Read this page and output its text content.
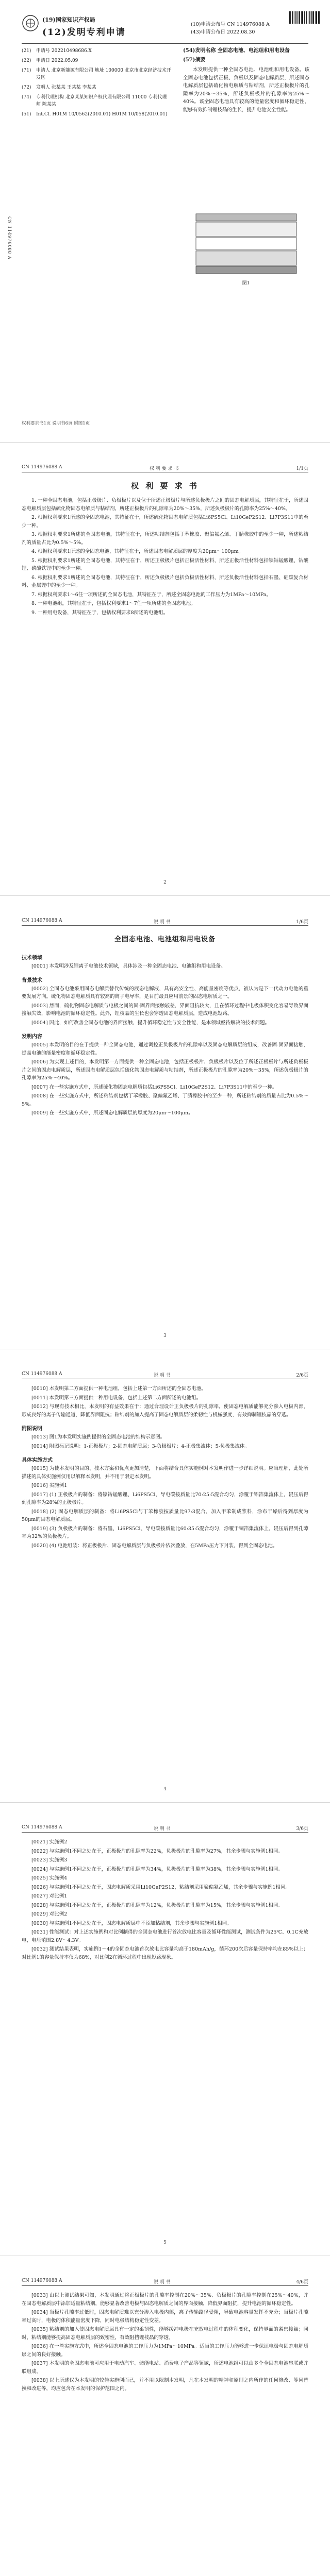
(19)国家知识产权局
(12)发明专利申请
(10)申请公布号 CN 114976088 A
(43)申请公布日 2022.08.30
(21)	申请号 202210498686.X
(22)	申请日 2022.05.09
(71)	申请人 北京新能源有限公司 地址 100000 北京市北京经济技术开发区
(72)	发明人 张某某 王某某 李某某
(74)	专利代理机构 北京某某知识产权代理有限公司 11000 专利代理师 陈某某
(51)	Int.Cl. H01M 10/0562(2010.01) H01M 10/058(2010.01)
(54)发明名称 全固态电池、电池组和用电设备
(57)摘要
本发明提供一种全固态电池、电池组和用电设备。该全固态电池包括正极、负极以及固态电解质层，所述固态电解质层包括硫化物电解质与粘结剂，所述正极极片的孔隙率为20%～35%，所述负极极片的孔隙率为25%～40%。该全固态电池具有较高的能量密度和循环稳定性，能够有效抑制锂枝晶的生长，提升电池安全性能。
图1
CN 114976088 A
权利要求书1页 说明书6页 附图1页
CN 114976088 A	权 利 要 求 书	1/1页
权 利 要 求 书

1. 一种全固态电池，包括正极极片、负极极片以及位于所述正极极片与所述负极极片之间的固态电解质层，其特征在于，所述固态电解质层包括硫化物固态电解质与粘结剂，所述正极极片的孔隙率为20%～35%，所述负极极片的孔隙率为25%～40%。

2. 根据权利要求1所述的全固态电池，其特征在于，所述硫化物固态电解质包括Li6PS5Cl、Li10GeP2S12、Li7P3S11中的至少一种。

3. 根据权利要求1所述的全固态电池，其特征在于，所述粘结剂包括丁苯橡胶、聚偏氟乙烯、丁腈橡胶中的至少一种，所述粘结剂的质量占比为0.5%～5%。

4. 根据权利要求1所述的全固态电池，其特征在于，所述固态电解质层的厚度为20μm～100μm。

5. 根据权利要求1所述的全固态电池，其特征在于，所述正极极片包括正极活性材料，所述正极活性材料包括镍钴锰酸锂、钴酸锂、磷酸铁锂中的至少一种。

6. 根据权利要求1所述的全固态电池，其特征在于，所述负极极片包括负极活性材料，所述负极活性材料包括石墨、硅碳复合材料、金属锂中的至少一种。

7. 根据权利要求1～6任一项所述的全固态电池，其特征在于，所述全固态电池的工作压力为1MPa～10MPa。

8. 一种电池组，其特征在于，包括权利要求1～7任一项所述的全固态电池。

9. 一种用电设备，其特征在于，包括权利要求8所述的电池组。

2
CN 114976088 A	说 明 书	1/6页
全固态电池、电池组和用电设备
技术领域

[0001] 本发明涉及锂离子电池技术领域，具体涉及一种全固态电池、电池组和用电设备。

背景技术

[0002] 全固态电池采用固态电解质替代传统的液态电解液，具有高安全性、高能量密度等优点，被认为是下一代动力电池的重要发展方向。硫化物固态电解质具有较高的离子电导率，是目前最具应用前景的固态电解质之一。

[0003] 然而，硫化物固态电解质与电极之间的固-固界面接触较差，界面阻抗较大，且在循环过程中电极体积变化容易导致界面接触失效，影响电池的循环稳定性。此外，锂枝晶的生长也会穿透固态电解质层，造成电池短路。

[0004] 因此，如何改善全固态电池的界面接触、提升循环稳定性与安全性能，是本领域亟待解决的技术问题。

发明内容

[0005] 本发明的目的在于提供一种全固态电池，通过调控正负极极片的孔隙率以及固态电解质层的组成，改善固-固界面接触，提高电池的能量密度和循环稳定性。

[0006] 为实现上述目的，本发明第一方面提供一种全固态电池，包括正极极片、负极极片以及位于所述正极极片与所述负极极片之间的固态电解质层，所述固态电解质层包括硫化物固态电解质与粘结剂，所述正极极片的孔隙率为20%～35%，所述负极极片的孔隙率为25%～40%。

[0007] 在一些实施方式中，所述硫化物固态电解质包括Li6PS5Cl、Li10GeP2S12、Li7P3S11中的至少一种。

[0008] 在一些实施方式中，所述粘结剂包括丁苯橡胶、聚偏氟乙烯、丁腈橡胶中的至少一种，所述粘结剂的质量占比为0.5%～5%。

[0009] 在一些实施方式中，所述固态电解质层的厚度为20μm～100μm。

3
CN 114976088 A	说 明 书	2/6页

[0010] 本发明第二方面提供一种电池组，包括上述第一方面所述的全固态电池。

[0011] 本发明第三方面提供一种用电设备，包括上述第二方面所述的电池组。

[0012] 与现有技术相比，本发明的有益效果在于：通过合理设计正负极极片的孔隙率，使固态电解质能够充分渗入电极内部，形成良好的离子传输通道，降低界面阻抗；粘结剂的加入提高了固态电解质层的柔韧性与机械强度，有效抑制锂枝晶的穿透。

附图说明

[0013] 图1为本发明实施例提供的全固态电池的结构示意图。

[0014] 附图标记说明：1-正极极片；2-固态电解质层；3-负极极片；4-正极集流体；5-负极集流体。

具体实施方式

[0015] 为使本发明的目的、技术方案和优点更加清楚，下面将结合具体实施例对本发明作进一步详细说明。应当理解，此处所描述的具体实施例仅用以解释本发明，并不用于限定本发明。

[0016] 实施例1

[0017] (1) 正极极片的制备：将镍钴锰酸锂、Li6PS5Cl、导电碳按质量比70:25:5混合均匀，涂覆于铝箔集流体上，辊压后得到孔隙率为28%的正极极片。

[0018] (2) 固态电解质层的制备：将Li6PS5Cl与丁苯橡胶按质量比97:3混合，加入甲苯制成浆料，涂布干燥后得到厚度为50μm的固态电解质层。

[0019] (3) 负极极片的制备：将石墨、Li6PS5Cl、导电碳按质量比60:35:5混合均匀，涂覆于铜箔集流体上，辊压后得到孔隙率为32%的负极极片。

[0020] (4) 电池组装：将正极极片、固态电解质层与负极极片依次叠放，在5MPa压力下封装，得到全固态电池。

4
CN 114976088 A	说 明 书	3/6页

[0021] 实施例2

[0022] 与实施例1不同之处在于，正极极片的孔隙率为22%，负极极片的孔隙率为27%，其余步骤与实施例1相同。

[0023] 实施例3

[0024] 与实施例1不同之处在于，正极极片的孔隙率为34%，负极极片的孔隙率为38%，其余步骤与实施例1相同。

[0025] 实施例4

[0026] 与实施例1不同之处在于，固态电解质采用Li10GeP2S12，粘结剂采用聚偏氟乙烯，其余步骤与实施例1相同。

[0027] 对比例1

[0028] 与实施例1不同之处在于，正极极片的孔隙率为12%，负极极片的孔隙率为15%，其余步骤与实施例1相同。

[0029] 对比例2

[0030] 与实施例1不同之处在于，固态电解质层中不添加粘结剂，其余步骤与实施例1相同。

[0031] 性能测试：对上述实施例和对比例制得的全固态电池进行首次放电比容量及循环性能测试，测试条件为25℃、0.1C充放电，电压范围2.8V～4.3V。

[0032] 测试结果表明，实施例1～4的全固态电池首次放电比容量均高于180mAh/g，循环200次后容量保持率均在85%以上；对比例1的容量保持率仅为68%，对比例2在循环过程中出现短路现象。

5
CN 114976088 A	说 明 书	4/6页

[0033] 由以上测试结果可知，本发明通过将正极极片的孔隙率控制在20%～35%、负极极片的孔隙率控制在25%～40%，并在固态电解质层中添加适量粘结剂，能够显著改善电极与固态电解质之间的界面接触，降低界面阻抗，提升电池的循环稳定性。

[0034] 当极片孔隙率过低时，固态电解质难以充分渗入电极内部，离子传输路径受阻，导致电池容量发挥不充分；当极片孔隙率过高时，电极的体积能量密度下降，同时电极结构稳定性变差。

[0035] 粘结剂的加入使固态电解质层具有一定的柔韧性，能够缓冲电极在充放电过程中的体积变化，保持界面的紧密接触；同时，粘结剂能够提高固态电解质层的致密性，有效阻挡锂枝晶的穿透。

[0036] 在一些实施方式中，所述全固态电池的工作压力为1MPa～10MPa。适当的工作压力能够进一步保证电极与固态电解质层之间的良好接触。

[0037] 本发明的全固态电池可应用于电动汽车、储能电站、消费电子产品等领域，所述电池组可以由多个全固态电池串联或并联组成。

[0038] 以上所述仅为本发明的较佳实施例而已，并不用以限制本发明，凡在本发明的精神和原则之内所作的任何修改、等同替换和改进等，均应包含在本发明的保护范围之内。
